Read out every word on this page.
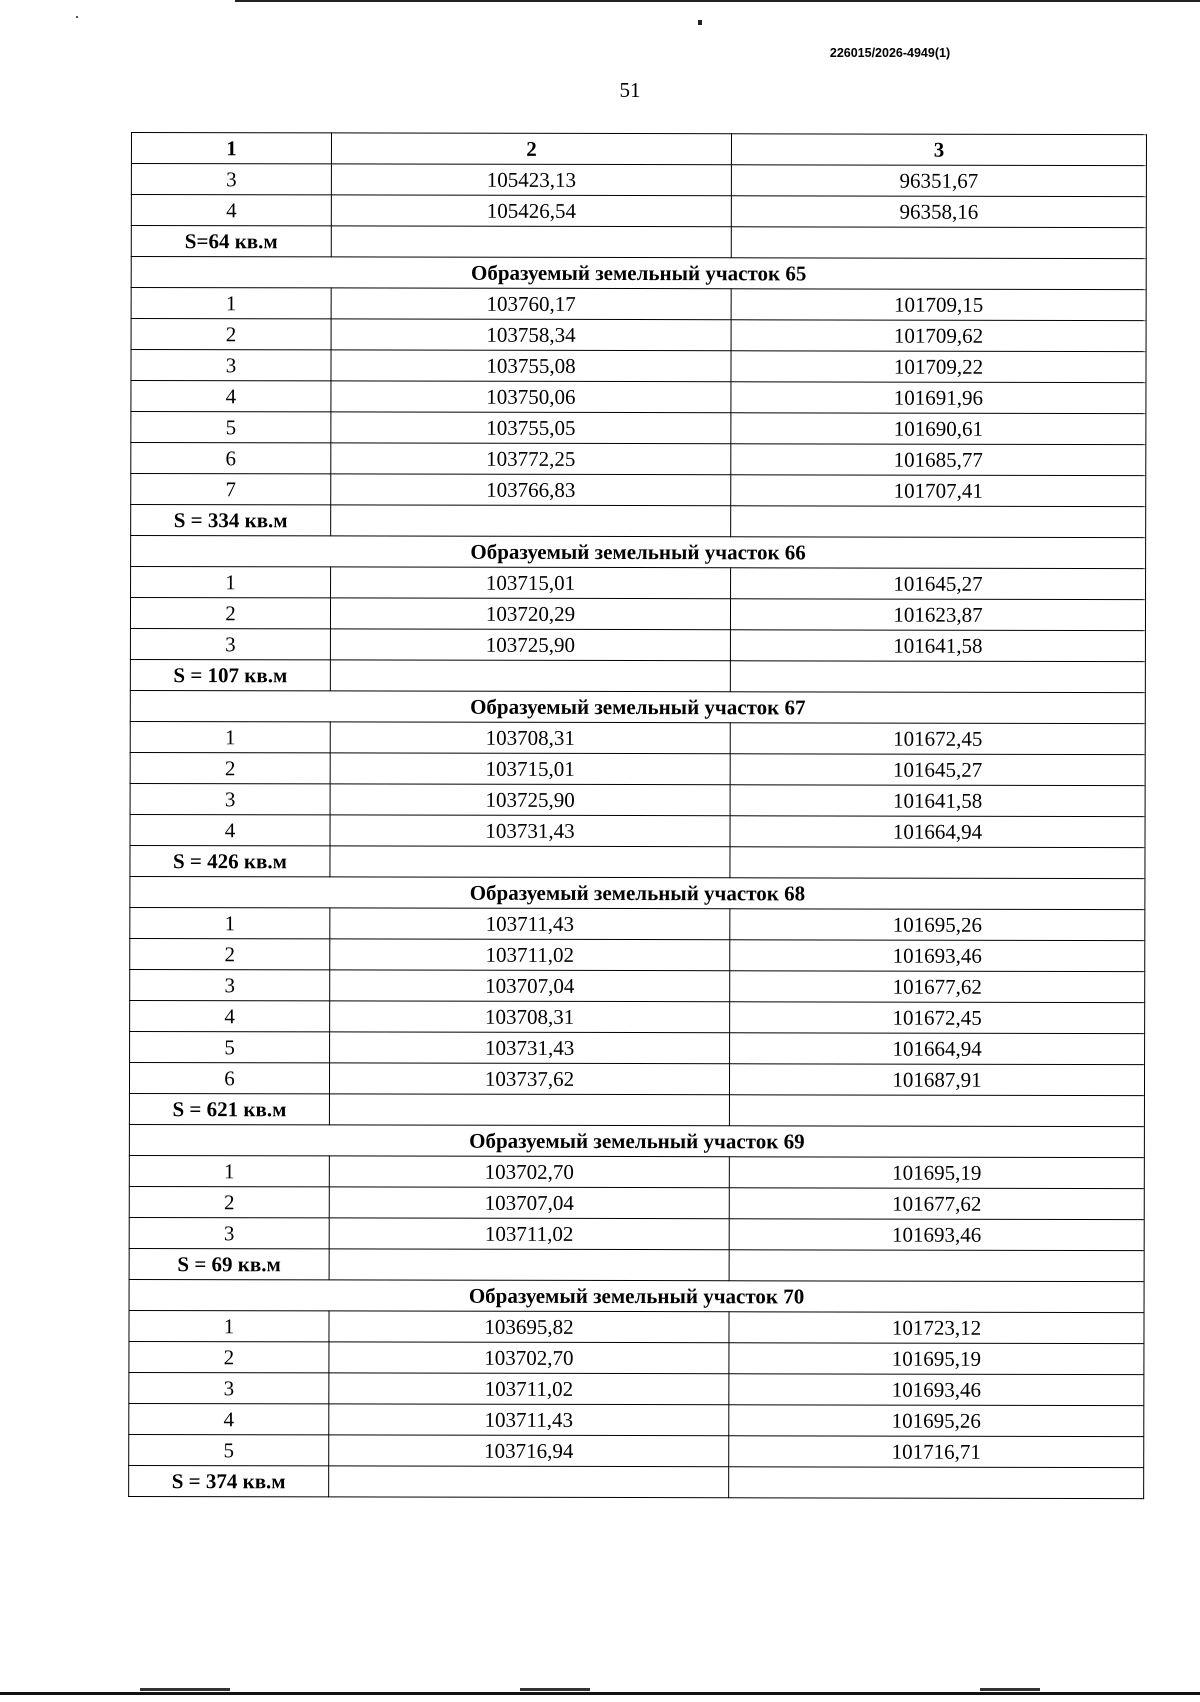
226015/2026-4949(1)
51
1	2	3
3	105423,13	96351,67
4	105426,54	96358,16
S=64 кв.м		
Образуемый земельный участок 65		
1	103760,17	101709,15
2	103758,34	101709,62
3	103755,08	101709,22
4	103750,06	101691,96
5	103755,05	101690,61
6	103772,25	101685,77
7	103766,83	101707,41
S = 334 кв.м		
Образуемый земельный участок 66		
1	103715,01	101645,27
2	103720,29	101623,87
3	103725,90	101641,58
S = 107 кв.м		
Образуемый земельный участок 67		
1	103708,31	101672,45
2	103715,01	101645,27
3	103725,90	101641,58
4	103731,43	101664,94
S = 426 кв.м		
Образуемый земельный участок 68		
1	103711,43	101695,26
2	103711,02	101693,46
3	103707,04	101677,62
4	103708,31	101672,45
5	103731,43	101664,94
6	103737,62	101687,91
S = 621 кв.м		
Образуемый земельный участок 69		
1	103702,70	101695,19
2	103707,04	101677,62
3	103711,02	101693,46
S = 69 кв.м		
Образуемый земельный участок 70		
1	103695,82	101723,12
2	103702,70	101695,19
3	103711,02	101693,46
4	103711,43	101695,26
5	103716,94	101716,71
S = 374 кв.м		
